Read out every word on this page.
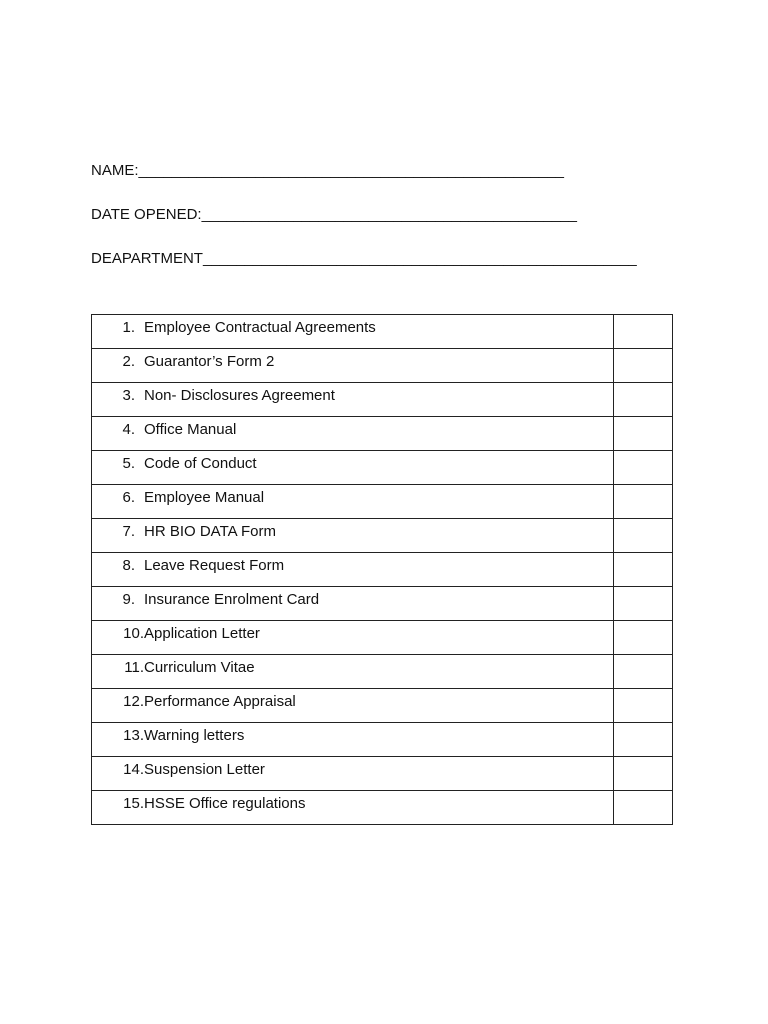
NAME:___________________________________________________
DATE OPENED:_____________________________________________
DEAPARTMENT____________________________________________________
1. Employee Contractual Agreements	

2. Guarantor’s Form 2	

3. Non- Disclosures Agreement	

4. Office Manual	

5. Code of Conduct	

6. Employee Manual	

7. HR BIO DATA Form	

8. Leave Request Form	

9. Insurance Enrolment Card	

10. Application Letter	

11. Curriculum Vitae	

12. Performance Appraisal	

13. Warning letters	

14. Suspension Letter	

15. HSSE Office regulations	
